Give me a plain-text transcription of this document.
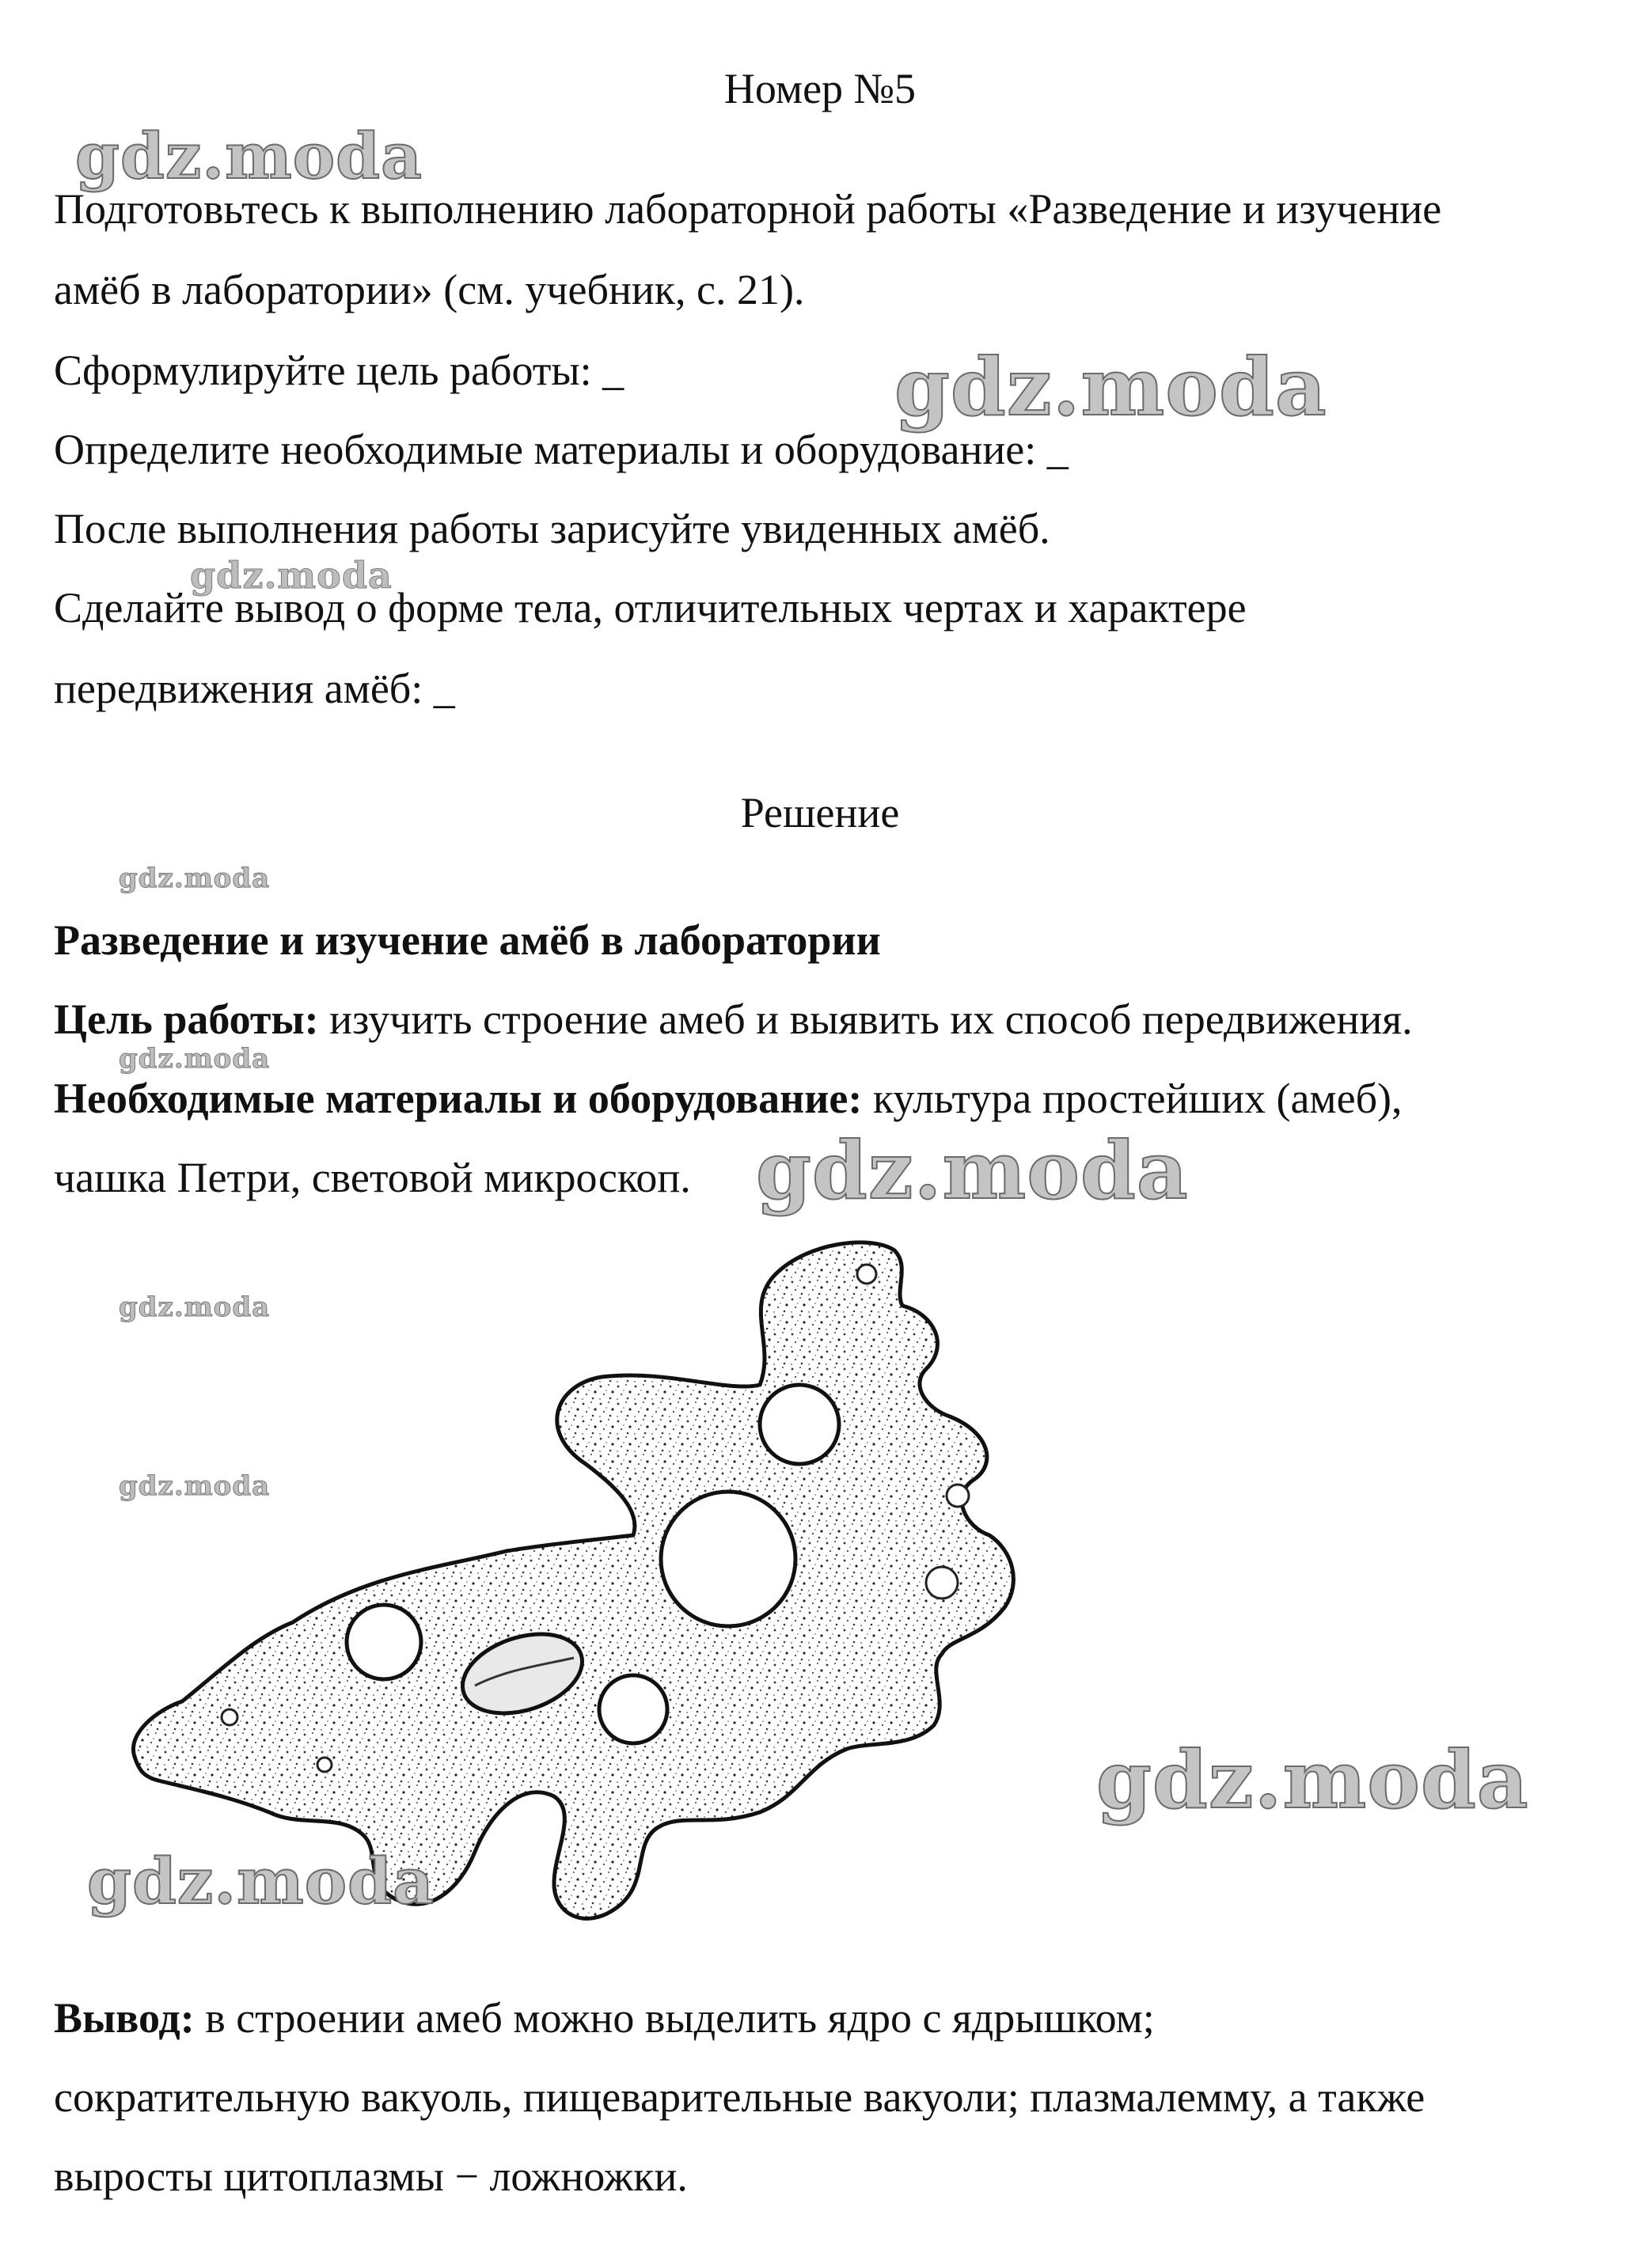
Номер №5
Подготовьтесь к выполнению лабораторной работы «Разведение и изучение
амёб в лаборатории» (см. учебник, с. 21).
Сформулируйте цель работы: _
Определите необходимые материалы и оборудование: _
После выполнения работы зарисуйте увиденных амёб.
Сделайте вывод о форме тела, отличительных чертах и характере
передвижения амёб: _
Решение
Разведение и изучение амёб в лаборатории
Цель работы: изучить строение амеб и выявить их способ передвижения.
Необходимые материалы и оборудование: культура простейших (амеб),
чашка Петри, световой микроскоп.
Вывод: в строении амеб можно выделить ядро с ядрышком;
сократительную вакуоль, пищеварительные вакуоли; плазмалемму, а также
выросты цитоплазмы − ложножки.
gdz.moda
gdz.moda
gdz.moda
gdz.moda
gdz.moda
gdz.moda
gdz.moda
gdz.moda
gdz.moda
gdz.moda
